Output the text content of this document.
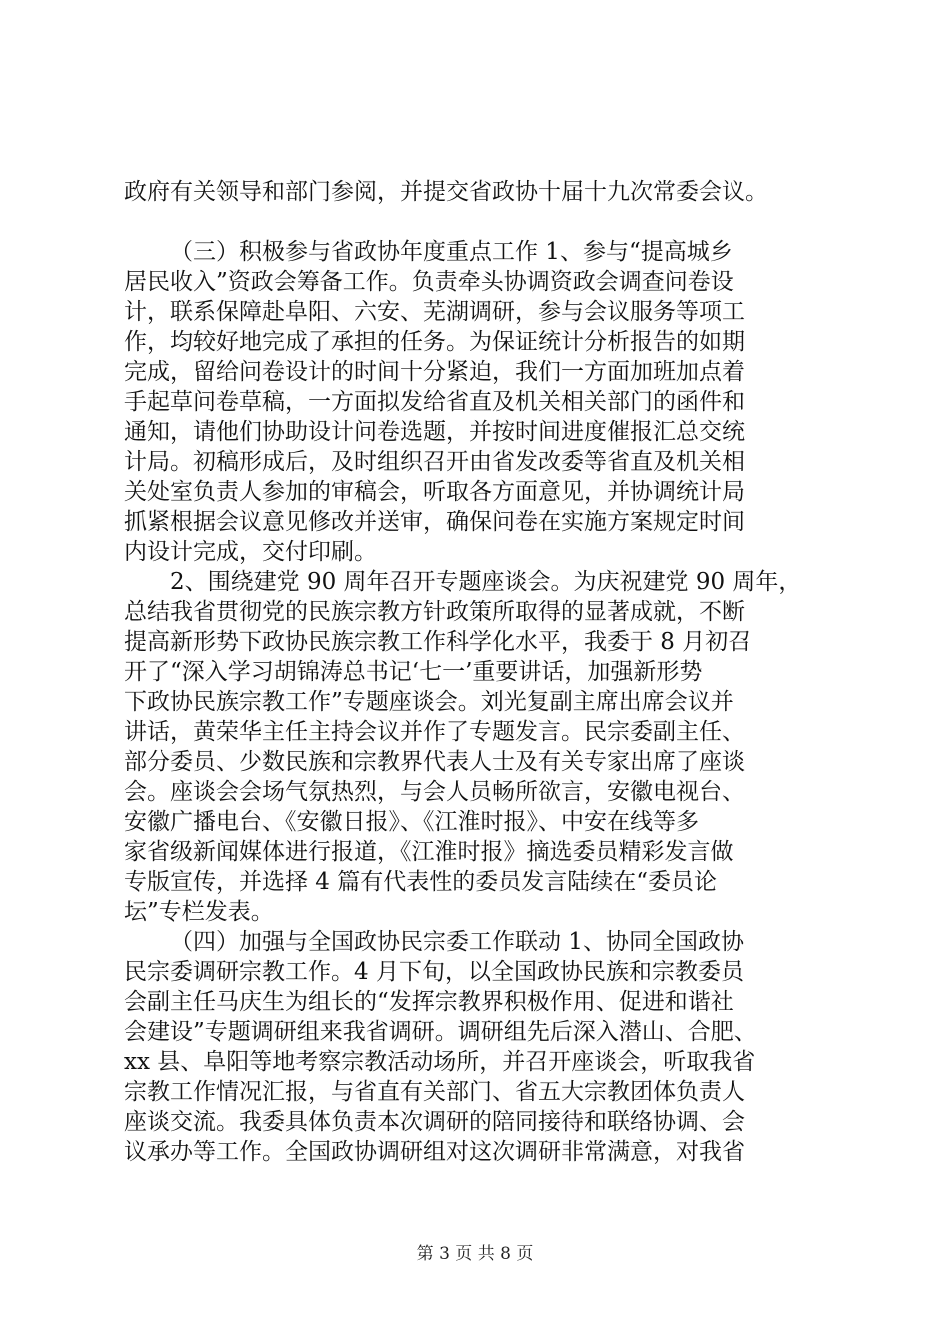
政府有关领导和部门参阅，并提交省政协十届十九次常委会议。
（三）积极参与省政协年度重点工作 1、参与“提高城乡
居民收入”资政会筹备工作。负责牵头协调资政会调查问卷设
计，联系保障赴阜阳、六安、芜湖调研，参与会议服务等项工
作，均较好地完成了承担的任务。为保证统计分析报告的如期
完成，留给问卷设计的时间十分紧迫，我们一方面加班加点着
手起草问卷草稿，一方面拟发给省直及机关相关部门的函件和
通知，请他们协助设计问卷选题，并按时间进度催报汇总交统
计局。初稿形成后，及时组织召开由省发改委等省直及机关相
关处室负责人参加的审稿会，听取各方面意见，并协调统计局
抓紧根据会议意见修改并送审，确保问卷在实施方案规定时间
内设计完成，交付印刷。
2、围绕建党 90 周年召开专题座谈会。为庆祝建党 90 周年，
总结我省贯彻党的民族宗教方针政策所取得的显著成就，不断
提高新形势下政协民族宗教工作科学化水平，我委于 8 月初召
开了“深入学习胡锦涛总书记‘七一’重要讲话，加强新形势
下政协民族宗教工作”专题座谈会。刘光复副主席出席会议并
讲话，黄荣华主任主持会议并作了专题发言。民宗委副主任、
部分委员、少数民族和宗教界代表人士及有关专家出席了座谈
会。座谈会会场气氛热烈，与会人员畅所欲言，安徽电视台、
安徽广播电台、《安徽日报》、《江淮时报》、中安在线等多
家省级新闻媒体进行报道，《江淮时报》摘选委员精彩发言做
专版宣传，并选择 4 篇有代表性的委员发言陆续在“委员论
坛”专栏发表。
（四）加强与全国政协民宗委工作联动 1、协同全国政协
民宗委调研宗教工作。4 月下旬，以全国政协民族和宗教委员
会副主任马庆生为组长的“发挥宗教界积极作用、促进和谐社
会建设”专题调研组来我省调研。调研组先后深入潜山、合肥、
xx 县、阜阳等地考察宗教活动场所，并召开座谈会，听取我省
宗教工作情况汇报，与省直有关部门、省五大宗教团体负责人
座谈交流。我委具体负责本次调研的陪同接待和联络协调、会
议承办等工作。全国政协调研组对这次调研非常满意，对我省
第 3 页 共 8 页
